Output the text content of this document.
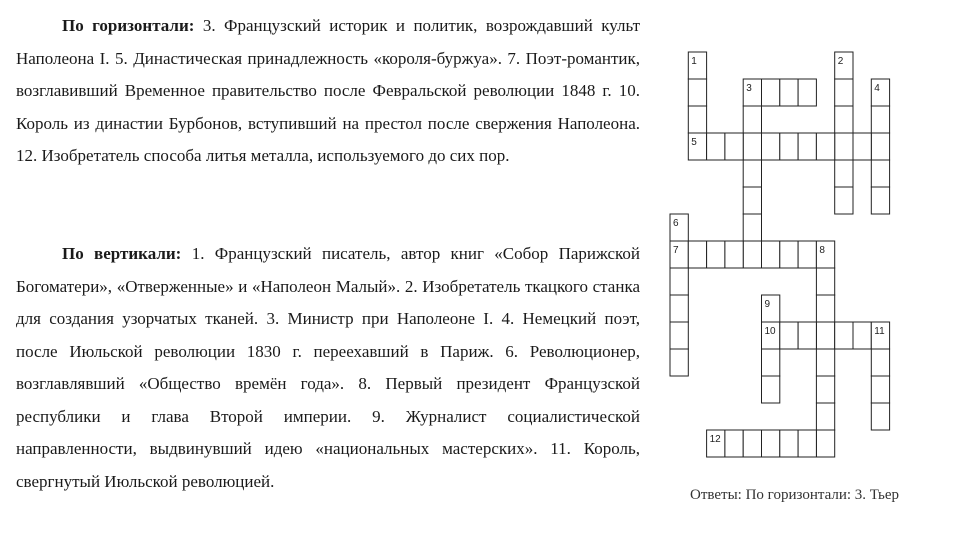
По горизонтали: 3. Французский историк и политик, возрождавший культ Наполеона I. 5. Династическая принадлежность «короля-буржуа». 7. Поэт-романтик, возглавивший Временное правительство после Февральской революции 1848 г. 10. Король из династии Бурбонов, вступивший на престол после свержения Наполеона. 12. Изобретатель способа литья металла, используемого до сих пор.
По вертикали: 1. Французский писатель, автор книг «Собор Парижской Богоматери», «Отверженные» и «Наполеон Малый». 2. Изобретатель ткацкого станка для создания узорчатых тканей. 3. Министр при Наполеоне I. 4. Немецкий поэт, после Июльской революции 1830 г. переехавший в Париж. 6. Революционер, возглавлявший «Общество времён года». 8. Первый президент Французской республики и глава Второй империи. 9. Журналист социалистической направленности, выдвинувший идею «национальных мастерских». 11. Король, свергнутый Июльской революцией.
1	2
3	4
5
6
7	8
9
10	11
12
Ответы: По горизонтали: 3. Тьер
